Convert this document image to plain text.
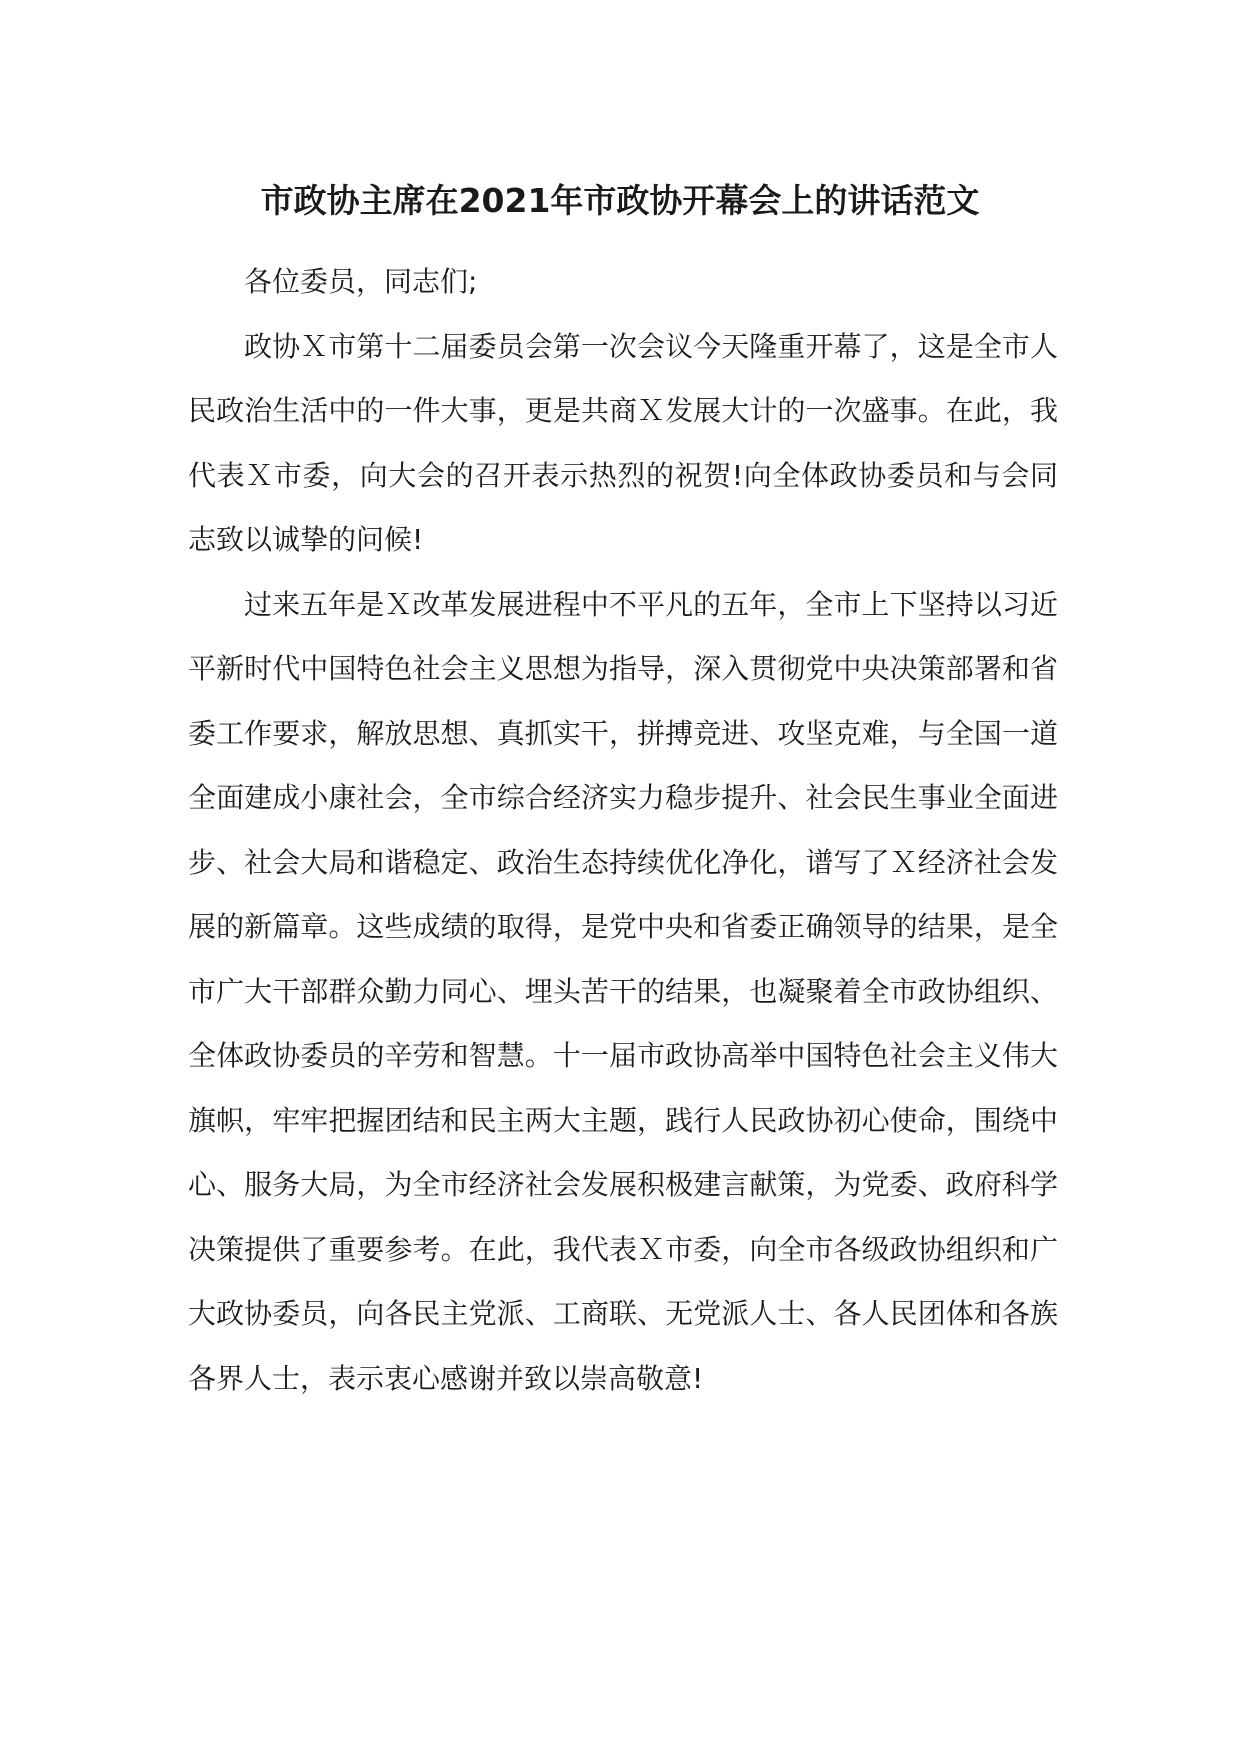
市政协主席在2021年市政协开幕会上的讲话范文

各位委员，同志们;

政协Ｘ市第十二届委员会第一次会议今天隆重开幕了，这是全市人民政治生活中的一件大事，更是共商Ｘ发展大计的一次盛事。在此，我代表Ｘ市委，向大会的召开表示热烈的祝贺!向全体政协委员和与会同志致以诚挚的问候!

过来五年是Ｘ改革发展进程中不平凡的五年，全市上下坚持以习近平新时代中国特色社会主义思想为指导，深入贯彻党中央决策部署和省委工作要求，解放思想、真抓实干，拼搏竞进、攻坚克难，与全国一道全面建成小康社会，全市综合经济实力稳步提升、社会民生事业全面进步、社会大局和谐稳定、政治生态持续优化净化，谱写了Ｘ经济社会发展的新篇章。这些成绩的取得，是党中央和省委正确领导的结果，是全市广大干部群众勤力同心、埋头苦干的结果，也凝聚着全市政协组织、全体政协委员的辛劳和智慧。十一届市政协高举中国特色社会主义伟大旗帜，牢牢把握团结和民主两大主题，践行人民政协初心使命，围绕中心、服务大局，为全市经济社会发展积极建言献策，为党委、政府科学决策提供了重要参考。在此，我代表Ｘ市委，向全市各级政协组织和广大政协委员，向各民主党派、工商联、无党派人士、各人民团体和各族各界人士，表示衷心感谢并致以崇高敬意!
